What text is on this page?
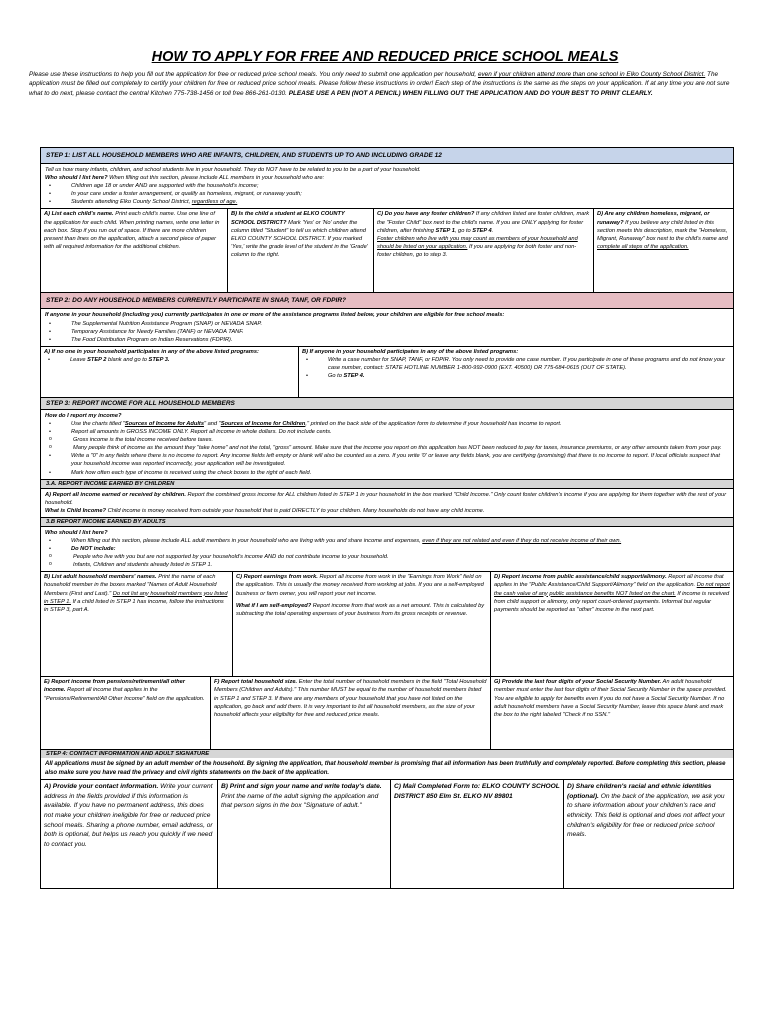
HOW TO APPLY FOR FREE AND REDUCED PRICE SCHOOL MEALS
Please use these instructions to help you fill out the application for free or reduced price school meals. You only need to submit one application per household, even if your children attend more than one school in Elko County School District. The application must be filled out completely to certify your children for free or reduced price school meals. Please follow these instructions in order! Each step of the instructions is the same as the steps on your application. If at any time you are not sure what to do next, please contact the central Kitchen 775-738-1456 or toll free 866-261-0130. PLEASE USE A PEN (NOT A PENCIL) WHEN FILLING OUT THE APPLICATION AND DO YOUR BEST TO PRINT CLEARLY.
STEP 1: LIST ALL HOUSEHOLD MEMBERS WHO ARE INFANTS, CHILDREN, AND STUDENTS UP TO AND INCLUDING GRADE 12

Tell us how many infants, children, and school students live in your household. They do NOT have to be related to you to be a part of your household.

Who should I list here? When filling out this section, please include ALL members in your household who are:

• Children age 18 or under AND are supported with the household's income;
• In your care under a foster arrangement, or qualify as homeless, migrant, or runaway youth;
• Students attending Elko County School District, regardless of age.
A) List each child's name. Print each child's name. Use one line of the application for each child. When printing names, write one letter in each box. Stop if you run out of space. If there are more children present than lines on the application, attach a second piece of paper with all required information for the additional children.
B) Is the child a student at ELKO COUNTY SCHOOL DISTRICT? Mark 'Yes' or 'No' under the column titled "Student" to tell us which children attend ELKO COUNTY SCHOOL DISTRICT. If you marked 'Yes,' write the grade level of the student in the 'Grade' column to the right.
C) Do you have any foster children? If any children listed are foster children, mark the "Foster Child" box next to the child's name. If you are ONLY applying for foster children, after finishing STEP 1, go to STEP 4.
Foster children who live with you may count as members of your household and should be listed on your application. If you are applying for both foster and non-foster children, go to step 3.
D) Are any children homeless, migrant, or runaway? If you believe any child listed in this section meets this description, mark the "Homeless, Migrant, Runaway" box next to the child's name and complete all steps of the application.
STEP 2: DO ANY HOUSEHOLD MEMBERS CURRENTLY PARTICIPATE IN SNAP, TANF, OR FDPIR?

If anyone in your household (including you) currently participates in one or more of the assistance programs listed below, your children are eligible for free school meals:

• The Supplemental Nutrition Assistance Program (SNAP) or NEVADA SNAP.
• Temporary Assistance for Needy Families (TANF) or NEVADA TANF.
• The Food Distribution Program on Indian Reservations (FDPIR).
A) If no one in your household participates in any of the above listed programs:
•	Leave STEP 2 blank and go to STEP 3.
B) If anyone in your household participates in any of the above listed programs:
•	Write a case number for SNAP, TANF, or FDPIR. You only need to provide one case number. If you participate in one of these programs and do not know your case number, contact: STATE HOTLINE NUMBER 1-800-992-0900 (EXT. 40500) OR 775-684-0615 (OUT OF STATE).
•	Go to STEP 4.
STEP 3: REPORT INCOME FOR ALL HOUSEHOLD MEMBERS

How do I report my income?

• Use the charts titled "Sources of Income for Adults" and "Sources of Income for Children," printed on the back side of the application form to determine if your household has income to report.
• Report all amounts in GROSS INCOME ONLY. Report all income in whole dollars. Do not include cents.
o Gross income is the total income received before taxes.
o Many people think of income as the amount they "take home" and not the total, "gross" amount. Make sure that the income you report on this application has NOT been reduced to pay for taxes, insurance premiums, or any other amounts taken from your pay.
• Write a "0" in any fields where there is no income to report. Any income fields left empty or blank will also be counted as a zero. If you write '0' or leave any fields blank, you are certifying (promising) that there is no income to report. If local officials suspect that your household income was reported incorrectly, your application will be investigated.
• Mark how often each type of income is received using the check boxes to the right of each field.
3.A. REPORT INCOME EARNED BY CHILDREN

A) Report all income earned or received by children. Report the combined gross income for ALL children listed in STEP 1 in your household in the box marked "Child Income." Only count foster children's income if you are applying for them together with the rest of your household.

What is Child Income? Child income is money received from outside your household that is paid DIRECTLY to your children. Many households do not have any child income.

3.B REPORT INCOME EARNED BY ADULTS

Who should I list here?

• When filling out this section, please include ALL adult members in your household who are living with you and share income and expenses, even if they are not related and even if they do not receive income of their own.
• Do NOT include:
o People who live with you but are not supported by your household's income AND do not contribute income to your household.
o Infants, Children and students already listed in STEP 1.
B) List adult household members' names. Print the name of each household member in the boxes marked "Names of Adult Household Members (First and Last)." Do not list any household members you listed in STEP 1. If a child listed in STEP 1 has income, follow the instructions in STEP 3, part A.
C) Report earnings from work. Report all income from work in the "Earnings from Work" field on the application. This is usually the money received from working at jobs. If you are a self-employed business or farm owner, you will report your net income.
What if I am self-employed? Report income from that work as a net amount. This is calculated by subtracting the total operating expenses of your business from its gross receipts or revenue.
D) Report income from public assistance/child support/alimony. Report all income that applies in the "Public Assistance/Child Support/Alimony" field on the application. Do not report the cash value of any public assistance benefits NOT listed on the chart. If income is received from child support or alimony, only report court-ordered payments. Informal but regular payments should be reported as "other" income in the next part.
E) Report income from pensions/retirement/all other income. Report all income that applies in the "Pensions/Retirement/All Other Income" field on the application.
F) Report total household size. Enter the total number of household members in the field "Total Household Members (Children and Adults)." This number MUST be equal to the number of household members listed in STEP 1 and STEP 3. If there are any members of your household that you have not listed on the application, go back and add them. It is very important to list all household members, as the size of your household affects your eligibility for free and reduced price meals.
G) Provide the last four digits of your Social Security Number. An adult household member must enter the last four digits of their Social Security Number in the space provided. You are eligible to apply for benefits even if you do not have a Social Security Number. If no adult household members have a Social Security Number, leave this space blank and mark the box to the right labeled "Check if no SSN."
STEP 4: CONTACT INFORMATION AND ADULT SIGNATURE

All applications must be signed by an adult member of the household. By signing the application, that household member is promising that all information has been truthfully and completely reported. Before completing this section, please also make sure you have read the privacy and civil rights statements on the back of the application.

A) Provide your contact information. Write your current address in the fields provided if this information is available. If you have no permanent address, this does not make your children ineligible for free or reduced price school meals. Sharing a phone number, email address, or both is optional, but helps us reach you quickly if we need to contact you.
B) Print and sign your name and write today's date. Print the name of the adult signing the application and that person signs in the box "Signature of adult."
C) Mail Completed Form to: ELKO COUNTY SCHOOL DISTRICT 850 Elm St. ELKO NV 89801
D) Share children's racial and ethnic identities (optional). On the back of the application, we ask you to share information about your children's race and ethnicity. This field is optional and does not affect your children's eligibility for free or reduced price school meals.
